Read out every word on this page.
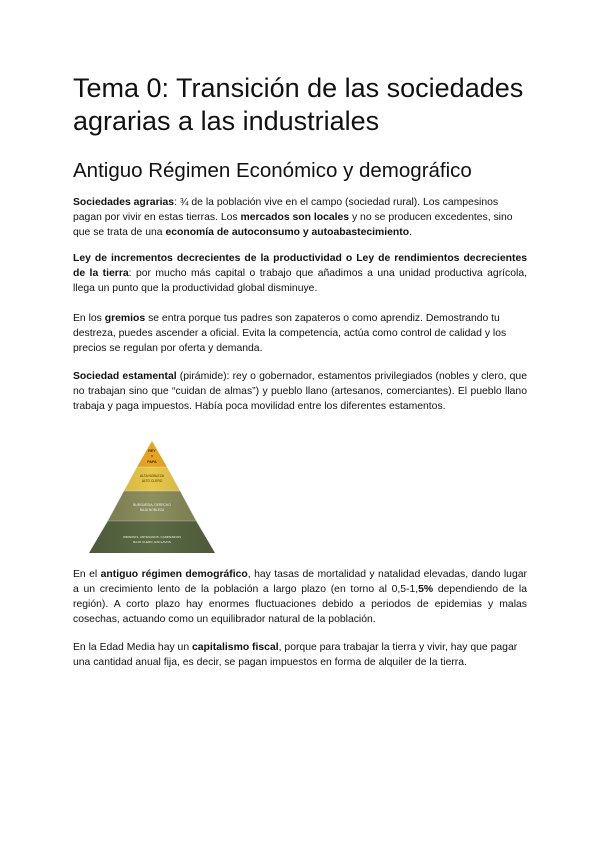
Tema 0: Transición de las sociedades
agrarias a las industriales
Antiguo Régimen Económico y demográfico

Sociedades agrarias: ¾ de la población vive en el campo (sociedad rural). Los campesinos pagan por vivir en estas tierras. Los mercados son locales y no se producen excedentes, sino que se trata de una economía de autoconsumo y autoabastecimiento.

Ley de incrementos decrecientes de la productividad o Ley de rendimientos decrecientes de la tierra: por mucho más capital o trabajo que añadimos a una unidad productiva agrícola, llega un punto que la productividad global disminuye.

En los gremios se entra porque tus padres son zapateros o como aprendiz. Demostrando tu destreza, puedes ascender a oficial. Evita la competencia, actúa como control de calidad y los precios se regulan por oferta y demanda.

Sociedad estamental (pirámide): rey o gobernador, estamentos privilegiados (nobles y clero, que no trabajan sino que “cuidan de almas”) y pueblo llano (artesanos, comerciantes). El pueblo llano trabaja y paga impuestos. Había poca movilidad entre los diferentes estamentos.

En el antiguo régimen demográfico, hay tasas de mortalidad y natalidad elevadas, dando lugar a un crecimiento lento de la población a largo plazo (en torno al 0,5-1,5% dependiendo de la región). A corto plazo hay enormes fluctuaciones debido a periodos de epidemias y malas cosechas, actuando como un equilibrador natural de la población.

En la Edad Media hay un capitalismo fiscal, porque para trabajar la tierra y vivir, hay que pagar una cantidad anual fija, es decir, se pagan impuestos en forma de alquiler de la tierra.

REY
Y
PAPA
ALTA NOBLEZA
ALTO CLERO
BURGUESIA, DERECHO
BAJA NOBLEZA
OBREROS, ARTESANOS, CAMPESINOS
BAJO CLERO, ESCLAVOS
